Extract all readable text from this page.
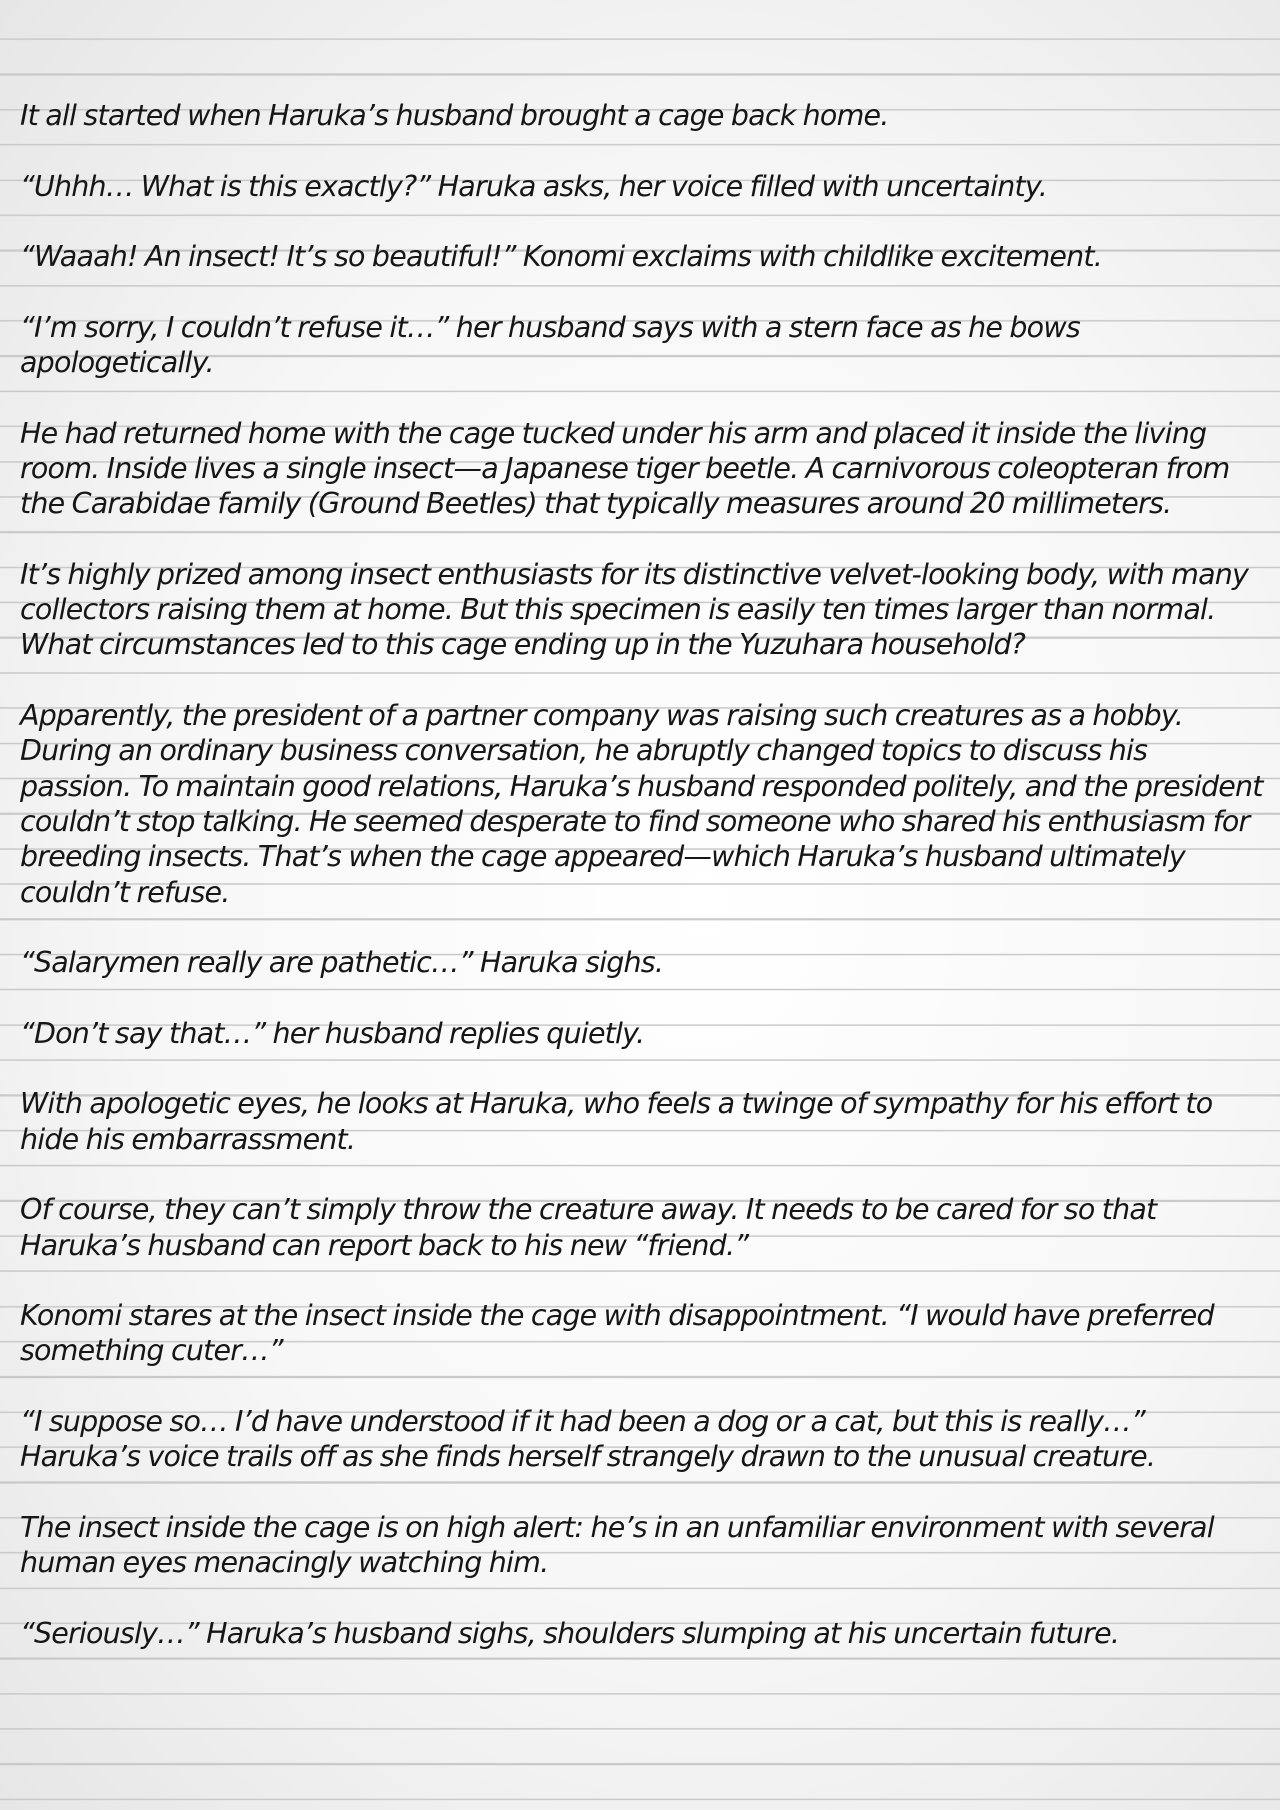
It all started when Haruka’s husband brought a cage back home.

“Uhhh… What is this exactly?” Haruka asks, her voice filled with uncertainty.

“Waaah! An insect! It’s so beautiful!” Konomi exclaims with childlike excitement.

“I’m sorry, I couldn’t refuse it…” her husband says with a stern face as he bows apologetically.

He had returned home with the cage tucked under his arm and placed it inside the living room. Inside lives a single insect—a Japanese tiger beetle. A carnivorous coleopteran from the Carabidae family (Ground Beetles) that typically measures around 20 millimeters.

It’s highly prized among insect enthusiasts for its distinctive velvet-looking body, with many collectors raising them at home. But this specimen is easily ten times larger than normal. What circumstances led to this cage ending up in the Yuzuhara household?

Apparently, the president of a partner company was raising such creatures as a hobby. During an ordinary business conversation, he abruptly changed topics to discuss his passion. To maintain good relations, Haruka’s husband responded politely, and the president couldn’t stop talking. He seemed desperate to find someone who shared his enthusiasm for breeding insects. That’s when the cage appeared—which Haruka’s husband ultimately couldn’t refuse.

“Salarymen really are pathetic…” Haruka sighs.

“Don’t say that…” her husband replies quietly.

With apologetic eyes, he looks at Haruka, who feels a twinge of sympathy for his effort to hide his embarrassment.

Of course, they can’t simply throw the creature away. It needs to be cared for so that Haruka’s husband can report back to his new “friend.”

Konomi stares at the insect inside the cage with disappointment. “I would have preferred something cuter…”

“I suppose so… I’d have understood if it had been a dog or a cat, but this is really…” Haruka’s voice trails off as she finds herself strangely drawn to the unusual creature.

The insect inside the cage is on high alert: he’s in an unfamiliar environment with several human eyes menacingly watching him.

“Seriously…” Haruka’s husband sighs, shoulders slumping at his uncertain future.
